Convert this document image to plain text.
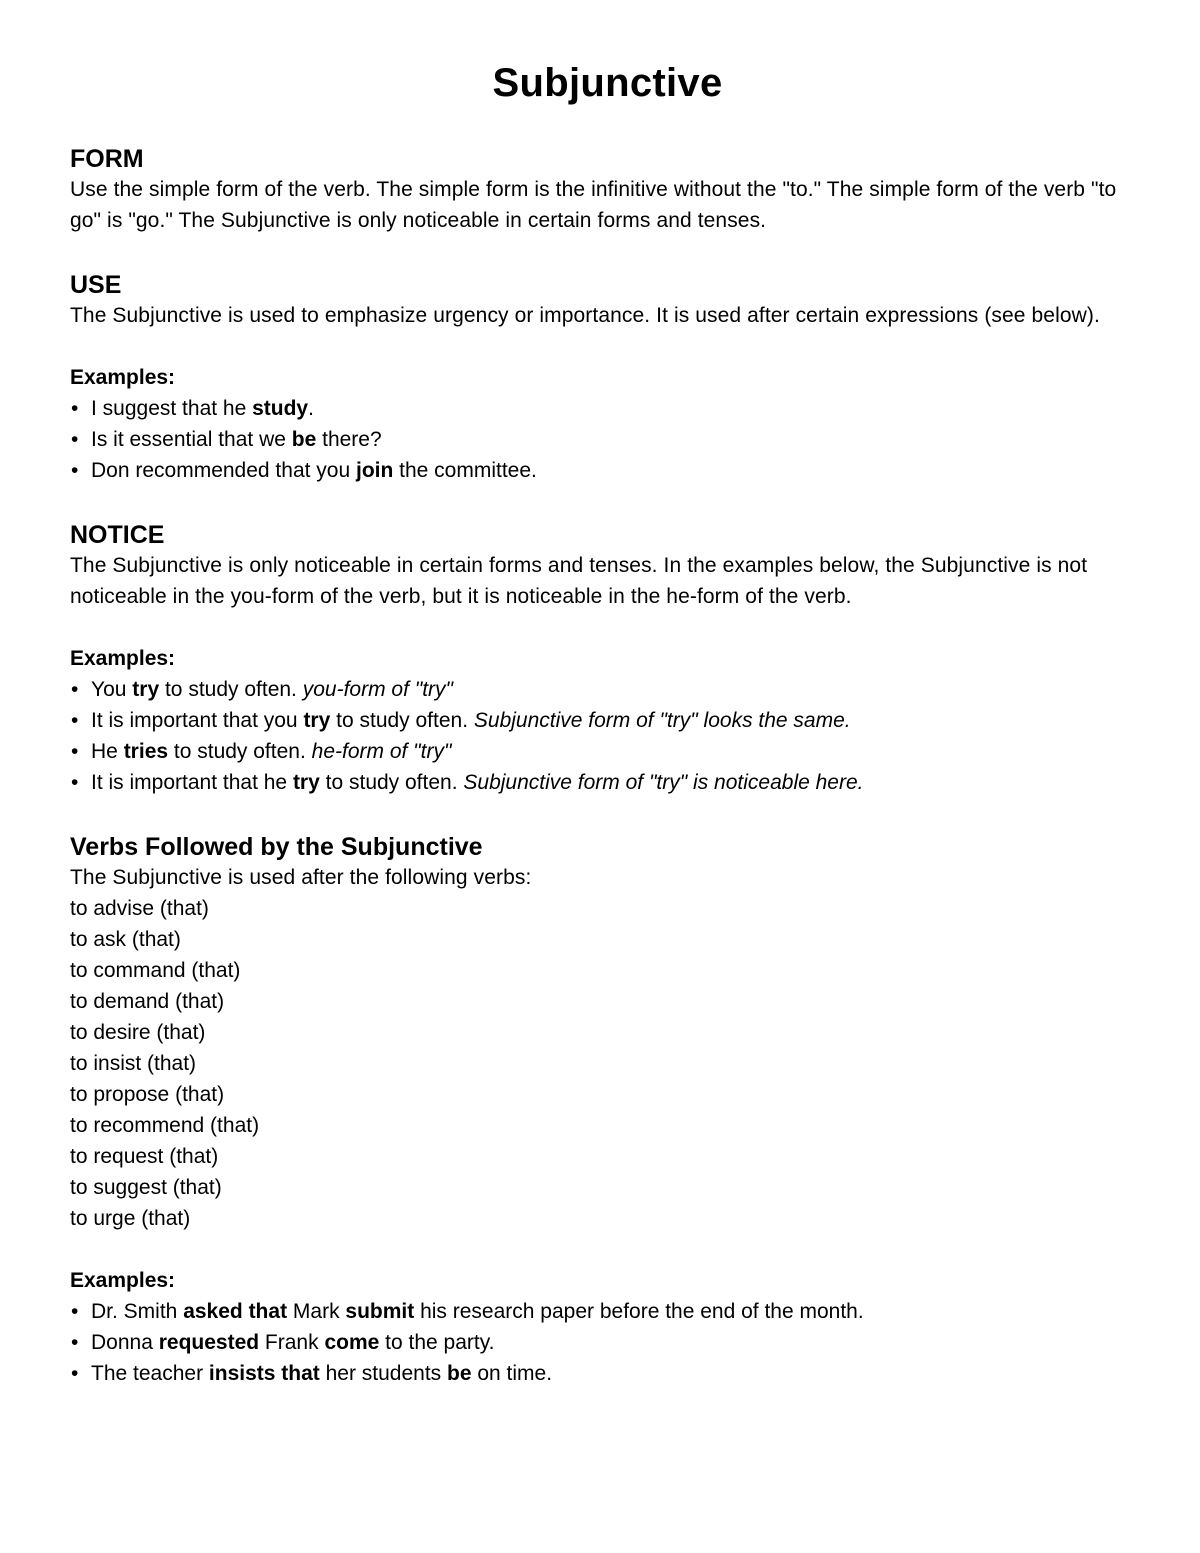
Subjunctive
FORM

Use the simple form of the verb. The simple form is the infinitive without the "to." The simple form of the verb "to go" is "go." The Subjunctive is only noticeable in certain forms and tenses.

USE

The Subjunctive is used to emphasize urgency or importance. It is used after certain expressions (see below).

Examples:
• I suggest that he study.
• Is it essential that we be there?
• Don recommended that you join the committee.
NOTICE

The Subjunctive is only noticeable in certain forms and tenses. In the examples below, the Subjunctive is not noticeable in the you-form of the verb, but it is noticeable in the he-form of the verb.

Examples:
• You try to study often. you-form of "try"
• It is important that you try to study often. Subjunctive form of "try" looks the same.
• He tries to study often. he-form of "try"
• It is important that he try to study often. Subjunctive form of "try" is noticeable here.
Verbs Followed by the Subjunctive

The Subjunctive is used after the following verbs:

to advise (that)
to ask (that)
to command (that)
to demand (that)
to desire (that)
to insist (that)
to propose (that)
to recommend (that)
to request (that)
to suggest (that)
to urge (that)
Examples:
• Dr. Smith asked that Mark submit his research paper before the end of the month.
• Donna requested Frank come to the party.
• The teacher insists that her students be on time.
